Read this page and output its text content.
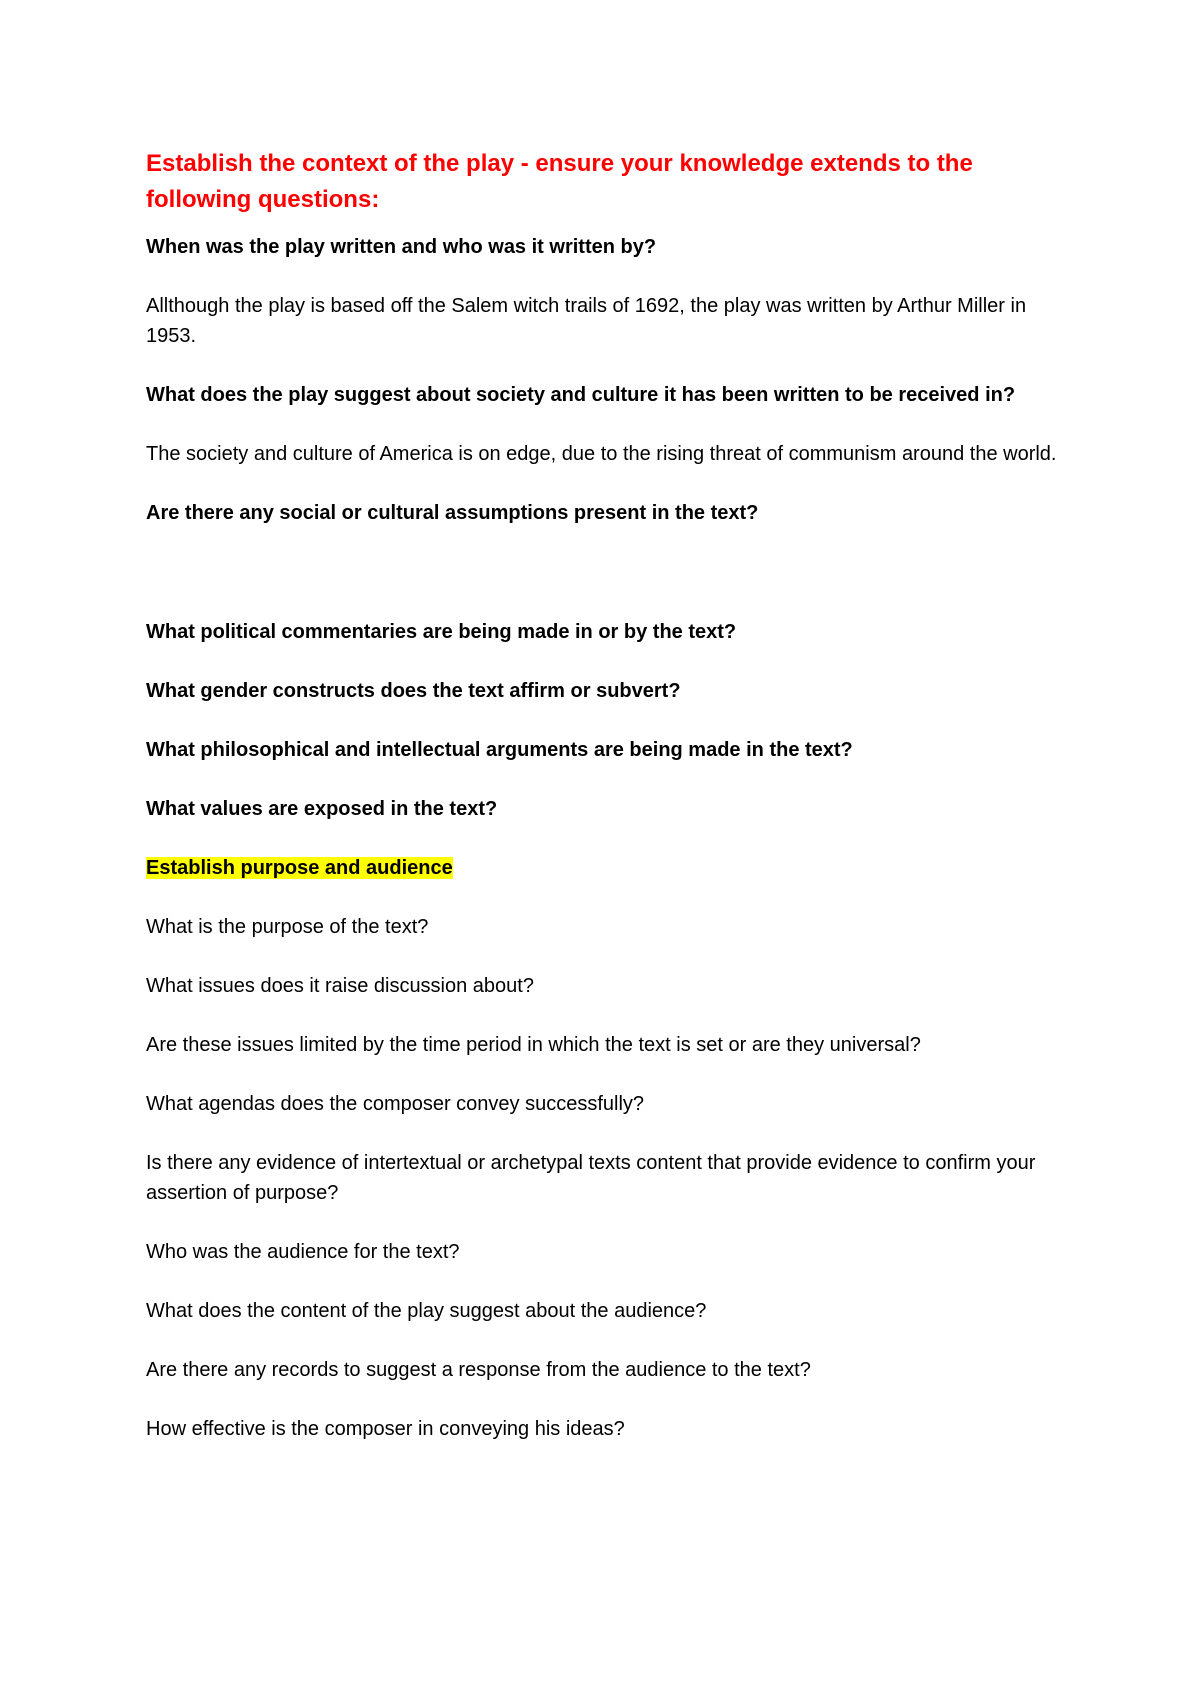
Establish the context of the play - ensure your knowledge extends to the following questions:

When was the play written and who was it written by?

Allthough the play is based off the Salem witch trails of 1692, the play was written by Arthur Miller in 1953.

What does the play suggest about society and culture it has been written to be received in?

The society and culture of America is on edge, due to the rising threat of communism around the world.

Are there any social or cultural assumptions present in the text?

What political commentaries are being made in or by the text?

What gender constructs does the text affirm or subvert?

What philosophical and intellectual arguments are being made in the text?

What values are exposed in the text?

Establish purpose and audience

What is the purpose of the text?

What issues does it raise discussion about?

Are these issues limited by the time period in which the text is set or are they universal?

What agendas does the composer convey successfully?

Is there any evidence of intertextual or archetypal texts content that provide evidence to confirm your assertion of purpose?

Who was the audience for the text?

What does the content of the play suggest about the audience?

Are there any records to suggest a response from the audience to the text?

How effective is the composer in conveying his ideas?
